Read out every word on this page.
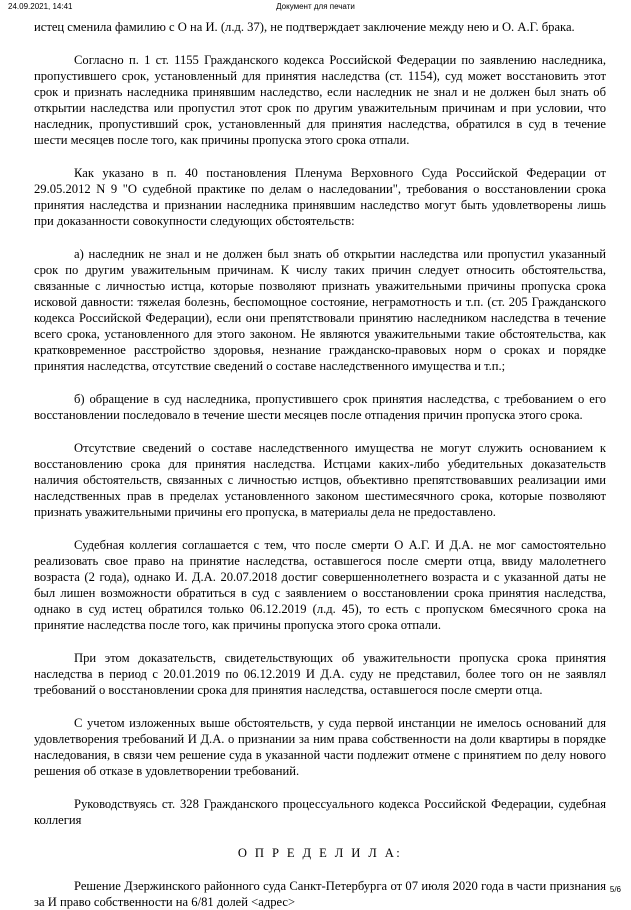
24.09.2021, 14:41	Документ для печати

истец сменила фамилию с О на И. (л.д. 37), не подтверждает заключение между нею и О. А.Г. брака.

Согласно п. 1 ст. 1155 Гражданского кодекса Российской Федерации по заявлению наследника, пропустившего срок, установленный для принятия наследства (ст. 1154), суд может восстановить этот срок и признать наследника принявшим наследство, если наследник не знал и не должен был знать об открытии наследства или пропустил этот срок по другим уважительным причинам и при условии, что наследник, пропустивший срок, установленный для принятия наследства, обратился в суд в течение шести месяцев после того, как причины пропуска этого срока отпали.

Как указано в п. 40 постановления Пленума Верховного Суда Российской Федерации от 29.05.2012 N 9 "О судебной практике по делам о наследовании", требования о восстановлении срока принятия наследства и признании наследника принявшим наследство могут быть удовлетворены лишь при доказанности совокупности следующих обстоятельств:

а) наследник не знал и не должен был знать об открытии наследства или пропустил указанный срок по другим уважительным причинам. К числу таких причин следует относить обстоятельства, связанные с личностью истца, которые позволяют признать уважительными причины пропуска срока исковой давности: тяжелая болезнь, беспомощное состояние, неграмотность и т.п. (ст. 205 Гражданского кодекса Российской Федерации), если они препятствовали принятию наследником наследства в течение всего срока, установленного для этого законом. Не являются уважительными такие обстоятельства, как кратковременное расстройство здоровья, незнание гражданско-правовых норм о сроках и порядке принятия наследства, отсутствие сведений о составе наследственного имущества и т.п.;

б) обращение в суд наследника, пропустившего срок принятия наследства, с требованием о его восстановлении последовало в течение шести месяцев после отпадения причин пропуска этого срока.

Отсутствие сведений о составе наследственного имущества не могут служить основанием к восстановлению срока для принятия наследства. Истцами каких-либо убедительных доказательств наличия обстоятельств, связанных с личностью истцов, объективно препятствовавших реализации ими наследственных прав в пределах установленного законом шестимесячного срока, которые позволяют признать уважительными причины его пропуска, в материалы дела не предоставлено.

Судебная коллегия соглашается с тем, что после смерти О А.Г. И Д.А. не мог самостоятельно реализовать свое право на принятие наследства, оставшегося после смерти отца, ввиду малолетнего возраста (2 года), однако И. Д.А. 20.07.2018 достиг совершеннолетнего возраста и с указанной даты не был лишен возможности обратиться в суд с заявлением о восстановлении срока принятия наследства, однако в суд истец обратился только 06.12.2019 (л.д. 45), то есть с пропуском 6месячного срока на принятие наследства после того, как причины пропуска этого срока отпали.

При этом доказательств, свидетельствующих об уважительности пропуска срока принятия наследства в период с 20.01.2019 по 06.12.2019 И Д.А. суду не представил, более того он не заявлял требований о восстановлении срока для принятия наследства, оставшегося после смерти отца.

С учетом изложенных выше обстоятельств, у суда первой инстанции не имелось оснований для удовлетворения требований И Д.А. о признании за ним права собственности на доли квартиры в порядке наследования, в связи чем решение суда в указанной части подлежит отмене с принятием по делу нового решения об отказе в удовлетворении требований.

Руководствуясь ст. 328 Гражданского процессуального кодекса Российской Федерации, судебная коллегия

О П Р Е Д Е Л И Л А:

Решение Дзержинского районного суда Санкт-Петербурга от 07 июля 2020 года в части признания за И право собственности на 6/81 долей <адрес>

5/6
